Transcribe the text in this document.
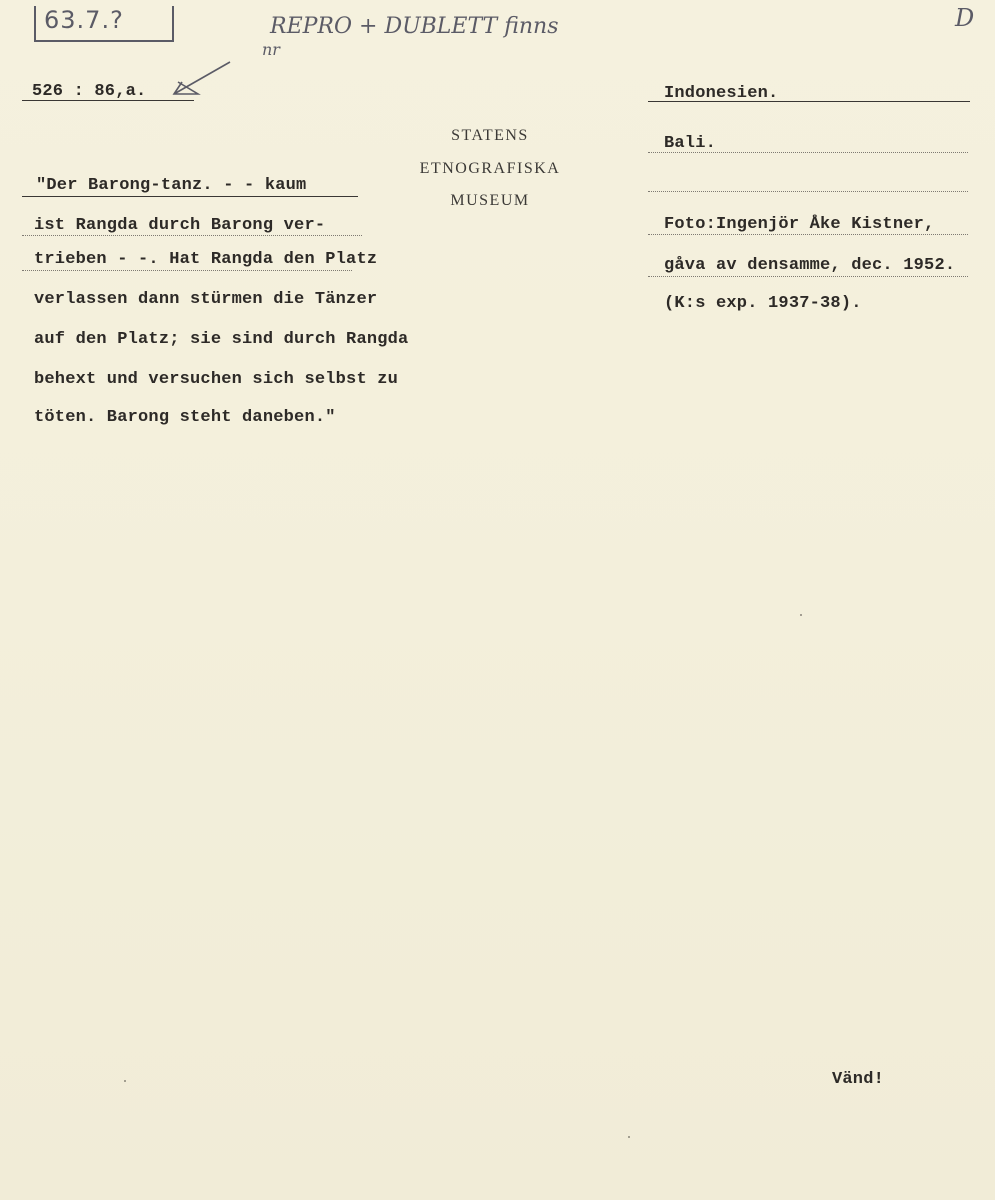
63.7.?	REPRO + DUBLETT finns
nr
D
526 : 86,a.
STATENS
ETNOGRAFISKA
MUSEUM
"Der Barong-tanz. - - kaum
ist Rangda durch Barong ver-
trieben - -. Hat Rangda den Platz
verlassen dann stürmen die Tänzer
auf den Platz; sie sind durch Rangda
behext und versuchen sich selbst zu
töten. Barong steht daneben."
Indonesien.
Bali.
Foto:Ingenjör Åke Kistner,
gåva av densamme, dec. 1952.
(K:s exp. 1937-38).
Vänd!
